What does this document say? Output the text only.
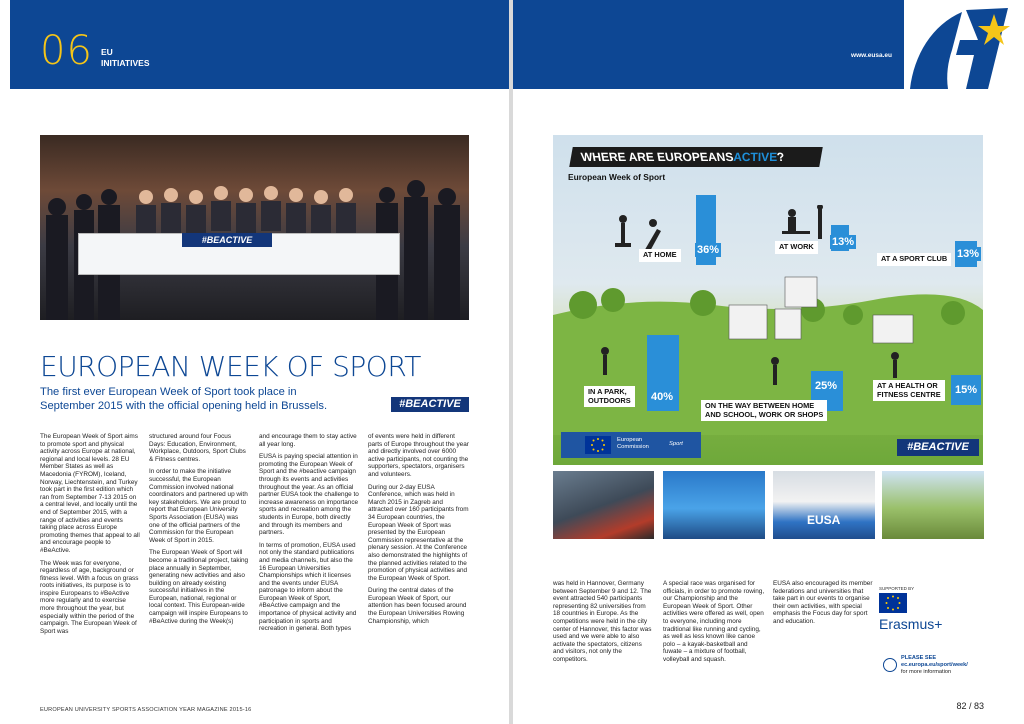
06 EU
INITIATIVES
#BEACTIVE
EUROPEAN WEEK OF SPORT

The first ever European Week of Sport took place in September 2015 with the official opening held in Brussels.	#BEACTIVE

The European Week of Sport aims to promote sport and physical activity across Europe at national, regional and local levels. 28 EU Member States as well as Macedonia (FYROM), Iceland, Norway, Liechtenstein, and Turkey took part in the first edition which ran from September 7-13 2015 on a central level, and locally until the end of September 2015, with a range of activities and events taking place across Europe promoting themes that appeal to all and encourage people to #BeActive.

The Week was for everyone, regardless of age, background or fitness level. With a focus on grass roots initiatives, its purpose is to inspire Europeans to #BeActive more regularly and to exercise more throughout the year, but especially within the period of the campaign. The European Week of Sport was

structured around four Focus Days: Education, Environment, Workplace, Outdoors, Sport Clubs & Fitness centres.

In order to make the initiative successful, the European Commission involved national coordinators and partnered up with key stakeholders. We are proud to report that European University Sports Association (EUSA) was one of the official partners of the Commission for the European Week of Sport in 2015.

The European Week of Sport will become a traditional project, taking place annually in September, generating new activities and also building on already existing successful initiatives in the European, national, regional or local context. This European-wide campaign will inspire Europeans to #BeActive during the Week(s)

and encourage them to stay active all year long.

EUSA is paying special attention in promoting the European Week of Sport and the #beactive campaign through its events and activities throughout the year. As an official partner EUSA took the challenge to increase awareness on importance sports and recreation among the students in Europe, both directly and through its members and partners.

In terms of promotion, EUSA used not only the standard publications and media channels, but also the 16 European Universities Championships which it licenses and the events under EUSA patronage to inform about the European Week of Sport, #BeActive campaign and the importance of physical activity and participation in sports and recreation in general. Both types

of events were held in different parts of Europe throughout the year and directly involved over 6000 active participants, not counting the supporters, spectators, organisers and volunteers.

During our 2-day EUSA Conference, which was held in March 2015 in Zagreb and attracted over 160 participants from 34 European countries, the European Week of Sport was presented by the European Commission representative at the plenary session. At the Conference also demonstrated the highlights of the planned activities related to the promotion of physical activities and the European Week of Sport.

During the central dates of the European Week of Sport, our attention has been focused around the European Universities Rowing Championship, which

EUROPEAN UNIVERSITY SPORTS ASSOCIATION YEAR MAGAZINE 2015-16
www.eusa.eu
WHERE ARE EUROPEANSACTIVE?
European Week of Sport
36%
AT HOME
13%
AT WORK
13%
AT A SPORT CLUB
40%
IN A PARK,
OUTDOORS
25%
ON THE WAY BETWEEN HOME
AND SCHOOL, WORK OR SHOPS
15%
AT A HEALTH OR
FITNESS CENTRE
European
Commission	Sport	#BEACTIVE
EUSA

was held in Hannover, Germany between September 9 and 12. The event attracted 540 participants representing 82 universities from 18 countries in Europe. As the competitions were held in the city center of Hannover, this factor was used and we were able to also activate the spectators, citizens and visitors, not only the competitors.

A special race was organised for officials, in order to promote rowing, our Championship and the European Week of Sport. Other activities were offered as well, open to everyone, including more traditional like running and cycling, as well as less known like canoe polo – a kayak-basketball and fuwate – a mixture of football, volleyball and squash.

EUSA also encouraged its member federations and universities that take part in our events to organise their own activities, with special emphasis the Focus day for sport and education.

SUPPORTED BY
Erasmus+
PLEASE SEE
ec.europa.eu/sport/week/
for more information
82 / 83
